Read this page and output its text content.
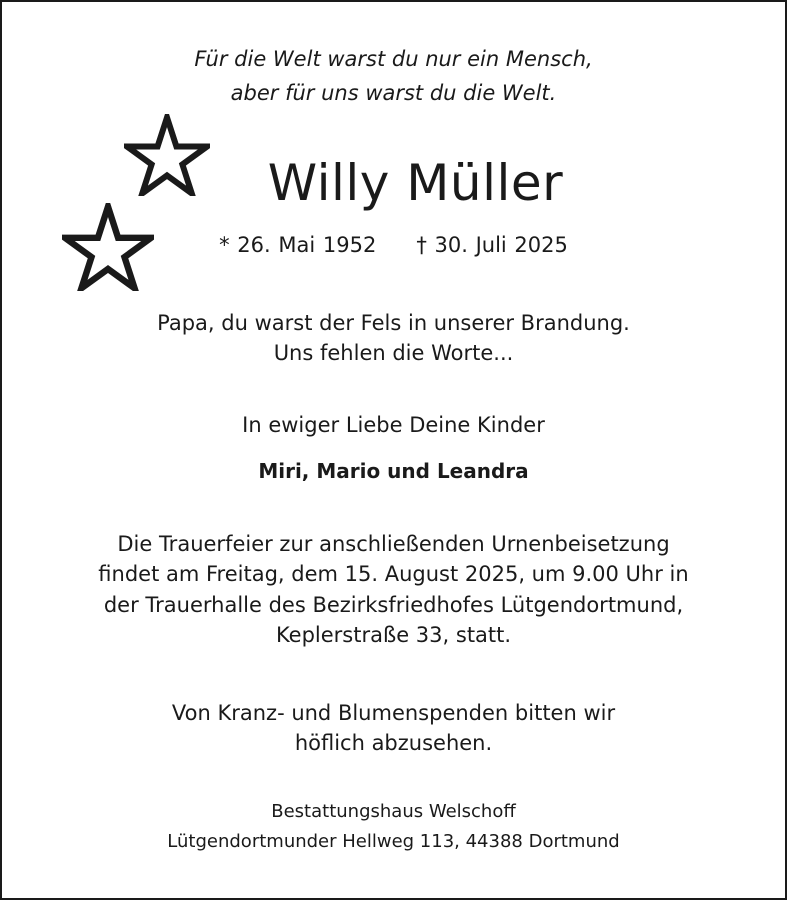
Für die Welt warst du nur ein Mensch,
aber für uns warst du die Welt.
Willy Müller
* 26. Mai 1952 † 30. Juli 2025
Papa, du warst der Fels in unserer Brandung.
Uns fehlen die Worte...
In ewiger Liebe Deine Kinder
Miri, Mario und Leandra
Die Trauerfeier zur anschließenden Urnenbeisetzung
findet am Freitag, dem 15. August 2025, um 9.00 Uhr in
der Trauerhalle des Bezirksfriedhofes Lütgendortmund,
Keplerstraße 33, statt.
Von Kranz- und Blumenspenden bitten wir
höflich abzusehen.
Bestattungshaus Welschoff
Lütgendortmunder Hellweg 113, 44388 Dortmund
